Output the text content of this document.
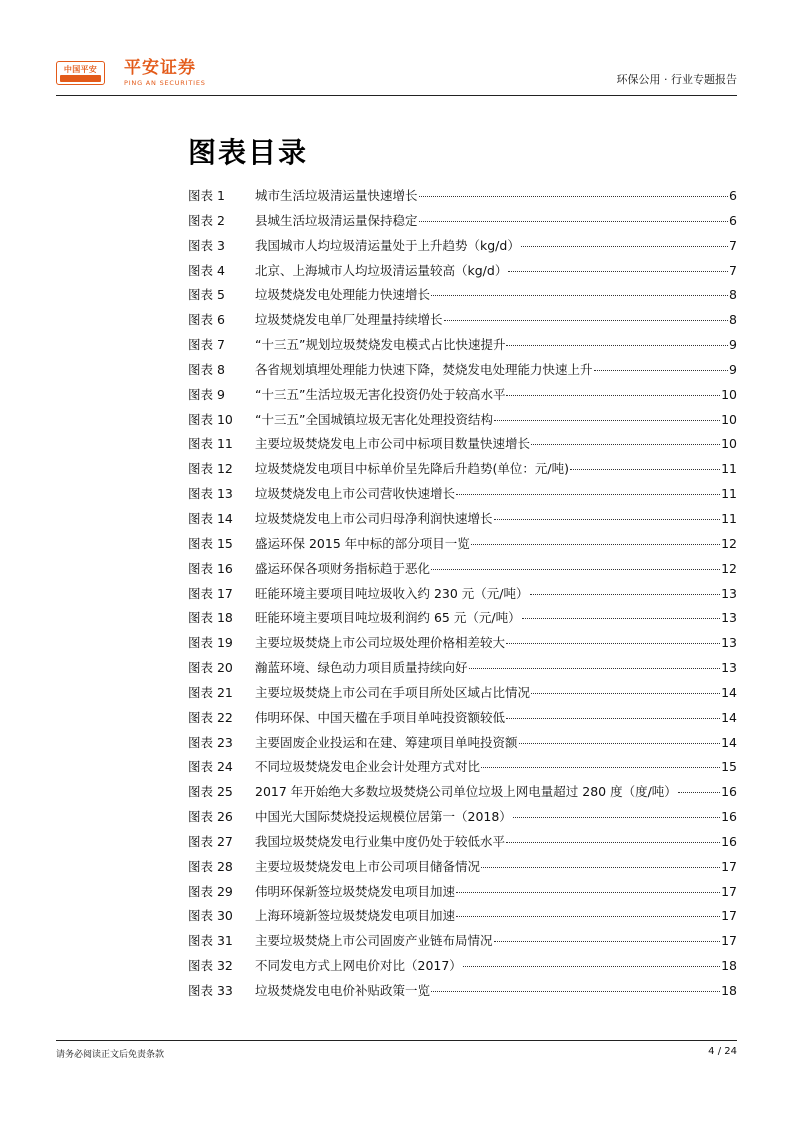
中国平安	平安证券
PING AN SECURITIES	环保公用 · 行业专题报告
图表目录
图表 1	城市生活垃圾清运量快速增长	6
图表 2	县城生活垃圾清运量保持稳定	6
图表 3	我国城市人均垃圾清运量处于上升趋势（kg/d）	7
图表 4	北京、上海城市人均垃圾清运量较高（kg/d）	7
图表 5	垃圾焚烧发电处理能力快速增长	8
图表 6	垃圾焚烧发电单厂处理量持续增长	8
图表 7	“十三五”规划垃圾焚烧发电模式占比快速提升	9
图表 8	各省规划填埋处理能力快速下降，焚烧发电处理能力快速上升	9
图表 9	“十三五”生活垃圾无害化投资仍处于较高水平	10
图表 10	“十三五”全国城镇垃圾无害化处理投资结构	10
图表 11	主要垃圾焚烧发电上市公司中标项目数量快速增长	10
图表 12	垃圾焚烧发电项目中标单价呈先降后升趋势(单位：元/吨)	11
图表 13	垃圾焚烧发电上市公司营收快速增长	11
图表 14	垃圾焚烧发电上市公司归母净利润快速增长	11
图表 15	盛运环保 2015 年中标的部分项目一览	12
图表 16	盛运环保各项财务指标趋于恶化	12
图表 17	旺能环境主要项目吨垃圾收入约 230 元（元/吨）	13
图表 18	旺能环境主要项目吨垃圾利润约 65 元（元/吨）	13
图表 19	主要垃圾焚烧上市公司垃圾处理价格相差较大	13
图表 20	瀚蓝环境、绿色动力项目质量持续向好	13
图表 21	主要垃圾焚烧上市公司在手项目所处区域占比情况	14
图表 22	伟明环保、中国天楹在手项目单吨投资额较低	14
图表 23	主要固废企业投运和在建、筹建项目单吨投资额	14
图表 24	不同垃圾焚烧发电企业会计处理方式对比	15
图表 25	2017 年开始绝大多数垃圾焚烧公司单位垃圾上网电量超过 280 度（度/吨）	16
图表 26	中国光大国际焚烧投运规模位居第一（2018）	16
图表 27	我国垃圾焚烧发电行业集中度仍处于较低水平	16
图表 28	主要垃圾焚烧发电上市公司项目储备情况	17
图表 29	伟明环保新签垃圾焚烧发电项目加速	17
图表 30	上海环境新签垃圾焚烧发电项目加速	17
图表 31	主要垃圾焚烧上市公司固废产业链布局情况	17
图表 32	不同发电方式上网电价对比（2017）	18
图表 33	垃圾焚烧发电电价补贴政策一览	18
请务必阅读正文后免责条款	4 / 24
